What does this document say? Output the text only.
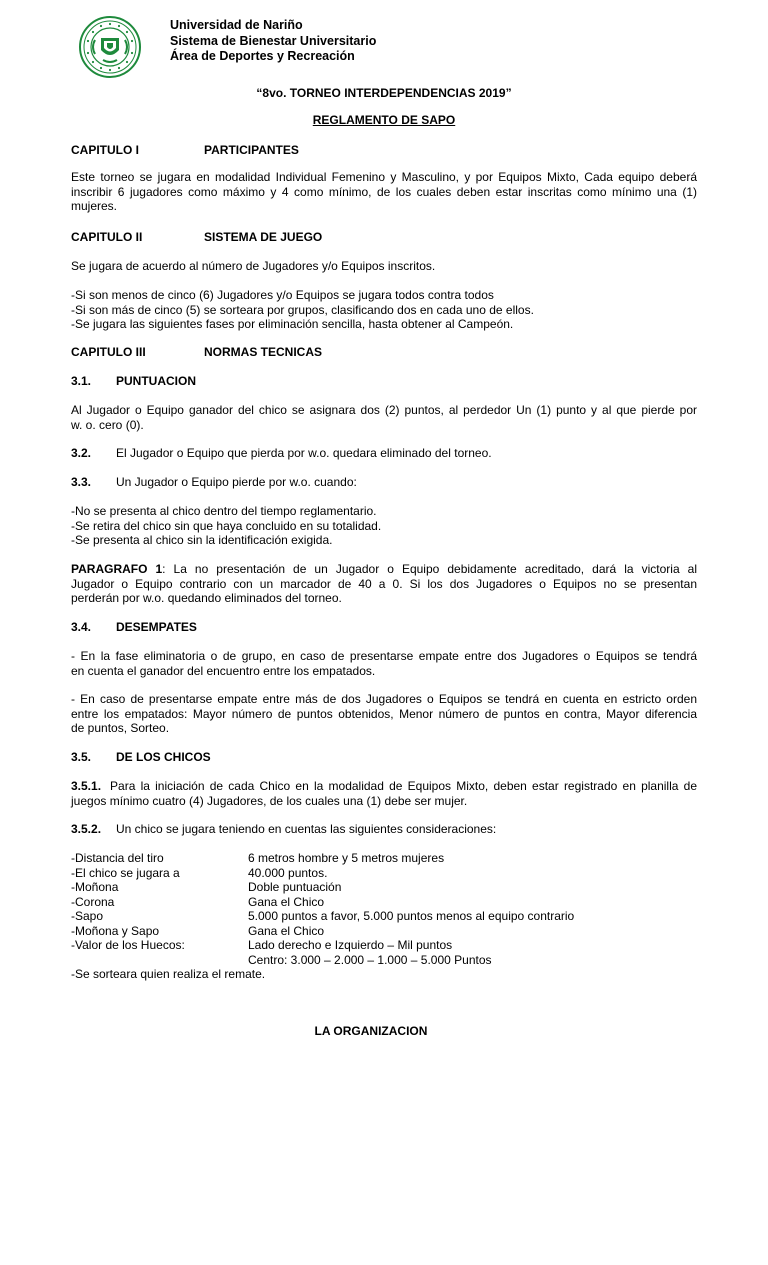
Universidad de Nariño
Sistema de Bienestar Universitario
Área de Deportes y Recreación
“8vo. TORNEO INTERDEPENDENCIAS 2019”
REGLAMENTO DE SAPO
CAPITULO I	PARTICIPANTES
Este torneo se jugara en modalidad Individual Femenino y Masculino, y por Equipos Mixto, Cada equipo deberá
inscribir 6 jugadores como máximo y 4 como mínimo, de los cuales deben estar inscritas como mínimo una (1)
mujeres.
CAPITULO II	SISTEMA DE JUEGO
Se jugara de acuerdo al número de Jugadores y/o Equipos inscritos.
-Si son menos de cinco (6) Jugadores y/o Equipos se jugara todos contra todos
-Si son más de cinco (5) se sorteara por grupos, clasificando dos en cada uno de ellos.
-Se jugara las siguientes fases por eliminación sencilla, hasta obtener al Campeón.
CAPITULO III	NORMAS TECNICAS
3.1. PUNTUACION
Al Jugador o Equipo ganador del chico se asignara dos (2) puntos, al perdedor Un (1) punto y al que pierde por
w. o. cero (0).
3.2. El Jugador o Equipo que pierda por w.o. quedara eliminado del torneo.
3.3. Un Jugador o Equipo pierde por w.o. cuando:
-No se presenta al chico dentro del tiempo reglamentario.
-Se retira del chico sin que haya concluido en su totalidad.
-Se presenta al chico sin la identificación exigida.
PARAGRAFO 1: La no presentación de un Jugador o Equipo debidamente acreditado, dará la victoria al
Jugador o Equipo contrario con un marcador de 40 a 0. Si los dos Jugadores o Equipos no se presentan
perderán por w.o. quedando eliminados del torneo.
3.4. DESEMPATES
- En la fase eliminatoria o de grupo, en caso de presentarse empate entre dos Jugadores o Equipos se tendrá
en cuenta el ganador del encuentro entre los empatados.
- En caso de presentarse empate entre más de dos Jugadores o Equipos se tendrá en cuenta en estricto orden
entre los empatados: Mayor número de puntos obtenidos, Menor número de puntos en contra, Mayor diferencia
de puntos, Sorteo.
3.5. DE LOS CHICOS
3.5.1. Para la iniciación de cada Chico en la modalidad de Equipos Mixto, deben estar registrado en planilla de
juegos mínimo cuatro (4) Jugadores, de los cuales una (1) debe ser mujer.
3.5.2. Un chico se jugara teniendo en cuentas las siguientes consideraciones:
-Distancia del tiro	6 metros hombre y 5 metros mujeres
-El chico se jugara a	40.000 puntos.
-Moñona	Doble puntuación
-Corona	Gana el Chico
-Sapo	5.000 puntos a favor, 5.000 puntos menos al equipo contrario
-Moñona y Sapo	Gana el Chico
-Valor de los Huecos:	Lado derecho e Izquierdo – Mil puntos
Centro: 3.000 – 2.000 – 1.000 – 5.000 Puntos
-Se sorteara quien realiza el remate.
LA ORGANIZACION
